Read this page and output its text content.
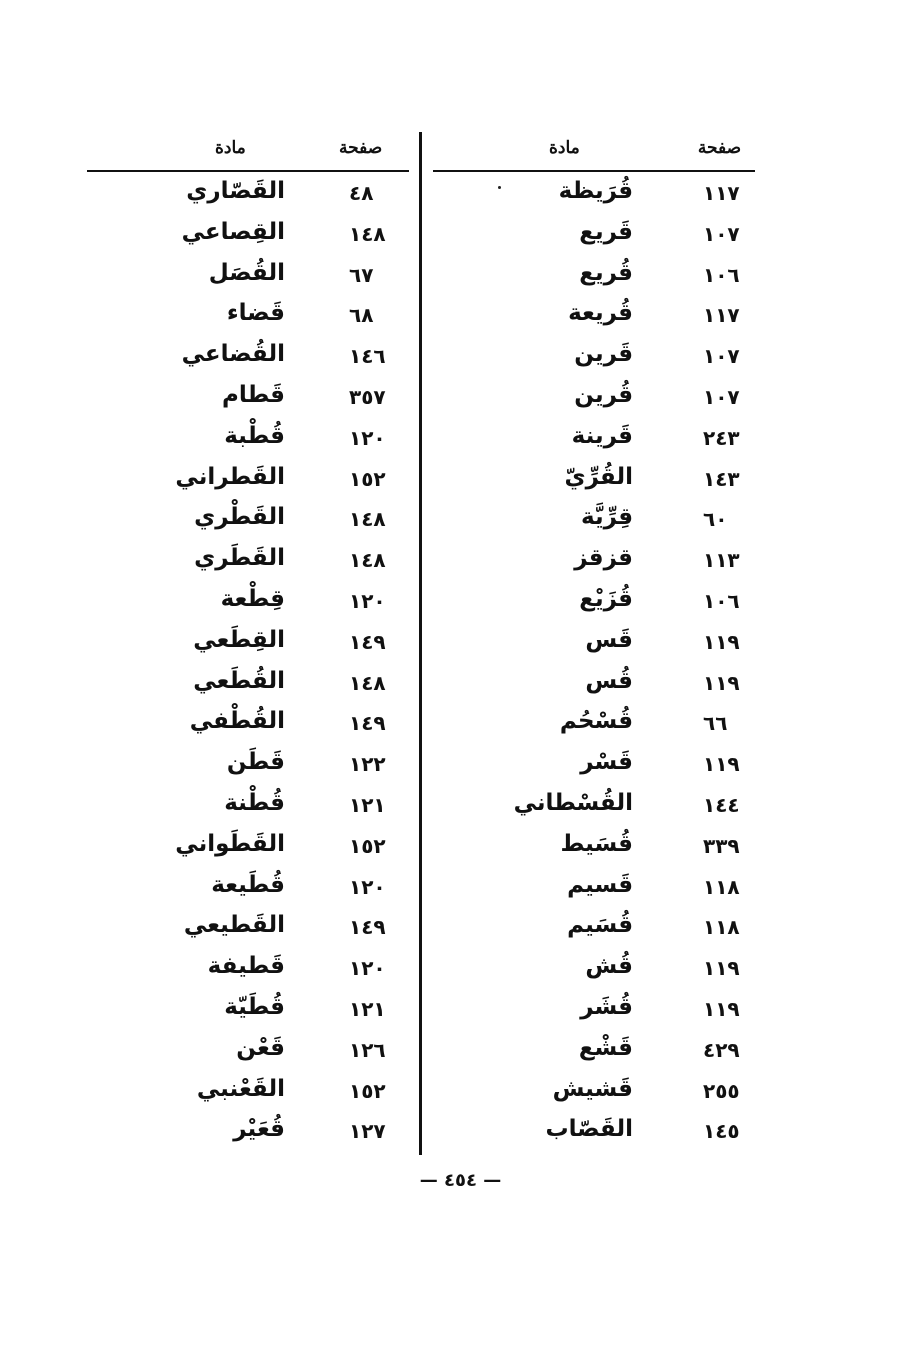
مادة	صفحة
١١٧
قُرَيظة
١٠٧
قَريع
١٠٦
قُريع
١١٧
قُريعة
١٠٧
قَرين
١٠٧
قُرين
٢٤٣
قَرينة
١٤٣
القُرِّيّ
٦٠
قِرِّيَّة
١١٣
قزقز
١٠٦
قُزَيْع
١١٩
قَس
١١٩
قُس
٦٦
قُسْحُم
١١٩
قَسْر
١٤٤
القُسْطاني
٣٣٩
قُسَيط
١١٨
قَسيم
١١٨
قُسَيم
١١٩
قُش
١١٩
قُشَر
٤٢٩
قَشْع
٢٥٥
قَشيش
١٤٥
القَصّاب
مادة	صفحة
٤٨
القَصّاري
١٤٨
القِصاعي
٦٧
القُصَل
٦٨
قَضاء
١٤٦
القُضاعي
٣٥٧
قَطام
١٢٠
قُطْبة
١٥٢
القَطراني
١٤٨
القَطْري
١٤٨
القَطَري
١٢٠
قِطْعة
١٤٩
القِطَعي
١٤٨
القُطَعي
١٤٩
القُطْفي
١٢٢
قَطَن
١٢١
قُطْنة
١٥٢
القَطَواني
١٢٠
قُطَيعة
١٤٩
القَطيعي
١٢٠
قَطيفة
١٢١
قُطَيّة
١٢٦
قَعْن
١٥٢
القَعْنبي
١٢٧
قُعَيْر
— ٤٥٤ —
